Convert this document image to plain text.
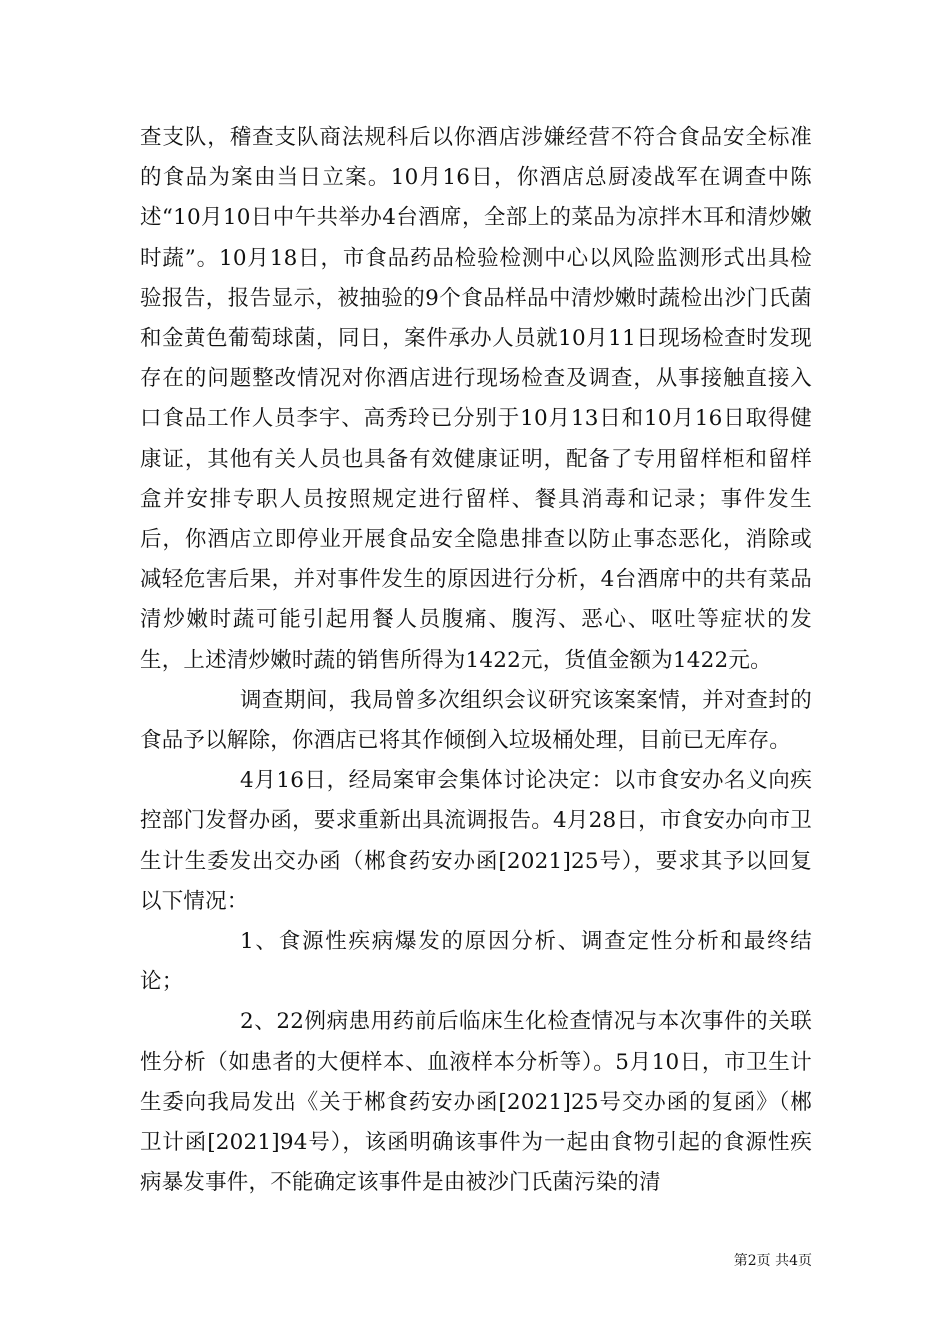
查支队，稽查支队商法规科后以你酒店涉嫌经营不符合食品安全标准的食品为案由当日立案。10月16日，你酒店总厨凌战军在调查中陈述“10月10日中午共举办4台酒席，全部上的菜品为凉拌木耳和清炒嫩时蔬”。10月18日，市食品药品检验检测中心以风险监测形式出具检验报告，报告显示，被抽验的9个食品样品中清炒嫩时蔬检出沙门氏菌和金黄色葡萄球菌，同日，案件承办人员就10月11日现场检查时发现存在的问题整改情况对你酒店进行现场检查及调查，从事接触直接入口食品工作人员李宇、高秀玲已分别于10月13日和10月16日取得健康证，其他有关人员也具备有效健康证明，配备了专用留样柜和留样盒并安排专职人员按照规定进行留样、餐具消毒和记录；事件发生后，你酒店立即停业开展食品安全隐患排查以防止事态恶化，消除或减轻危害后果，并对事件发生的原因进行分析，4台酒席中的共有菜品清炒嫩时蔬可能引起用餐人员腹痛、腹泻、恶心、呕吐等症状的发生，上述清炒嫩时蔬的销售所得为1422元，货值金额为1422元。

调查期间，我局曾多次组织会议研究该案案情，并对查封的食品予以解除，你酒店已将其作倾倒入垃圾桶处理，目前已无库存。

4月16日，经局案审会集体讨论决定：以市食安办名义向疾控部门发督办函，要求重新出具流调报告。4月28日，市食安办向市卫生计生委发出交办函（郴食药安办函[2021]25号），要求其予以回复以下情况：

1、食源性疾病爆发的原因分析、调查定性分析和最终结论；

2、22例病患用药前后临床生化检查情况与本次事件的关联性分析（如患者的大便样本、血液样本分析等）。5月10日，市卫生计生委向我局发出《关于郴食药安办函[2021]25号交办函的复函》（郴卫计函[2021]94号），该函明确该事件为一起由食物引起的食源性疾病暴发事件，不能确定该事件是由被沙门氏菌污染的清

第2页 共4页
